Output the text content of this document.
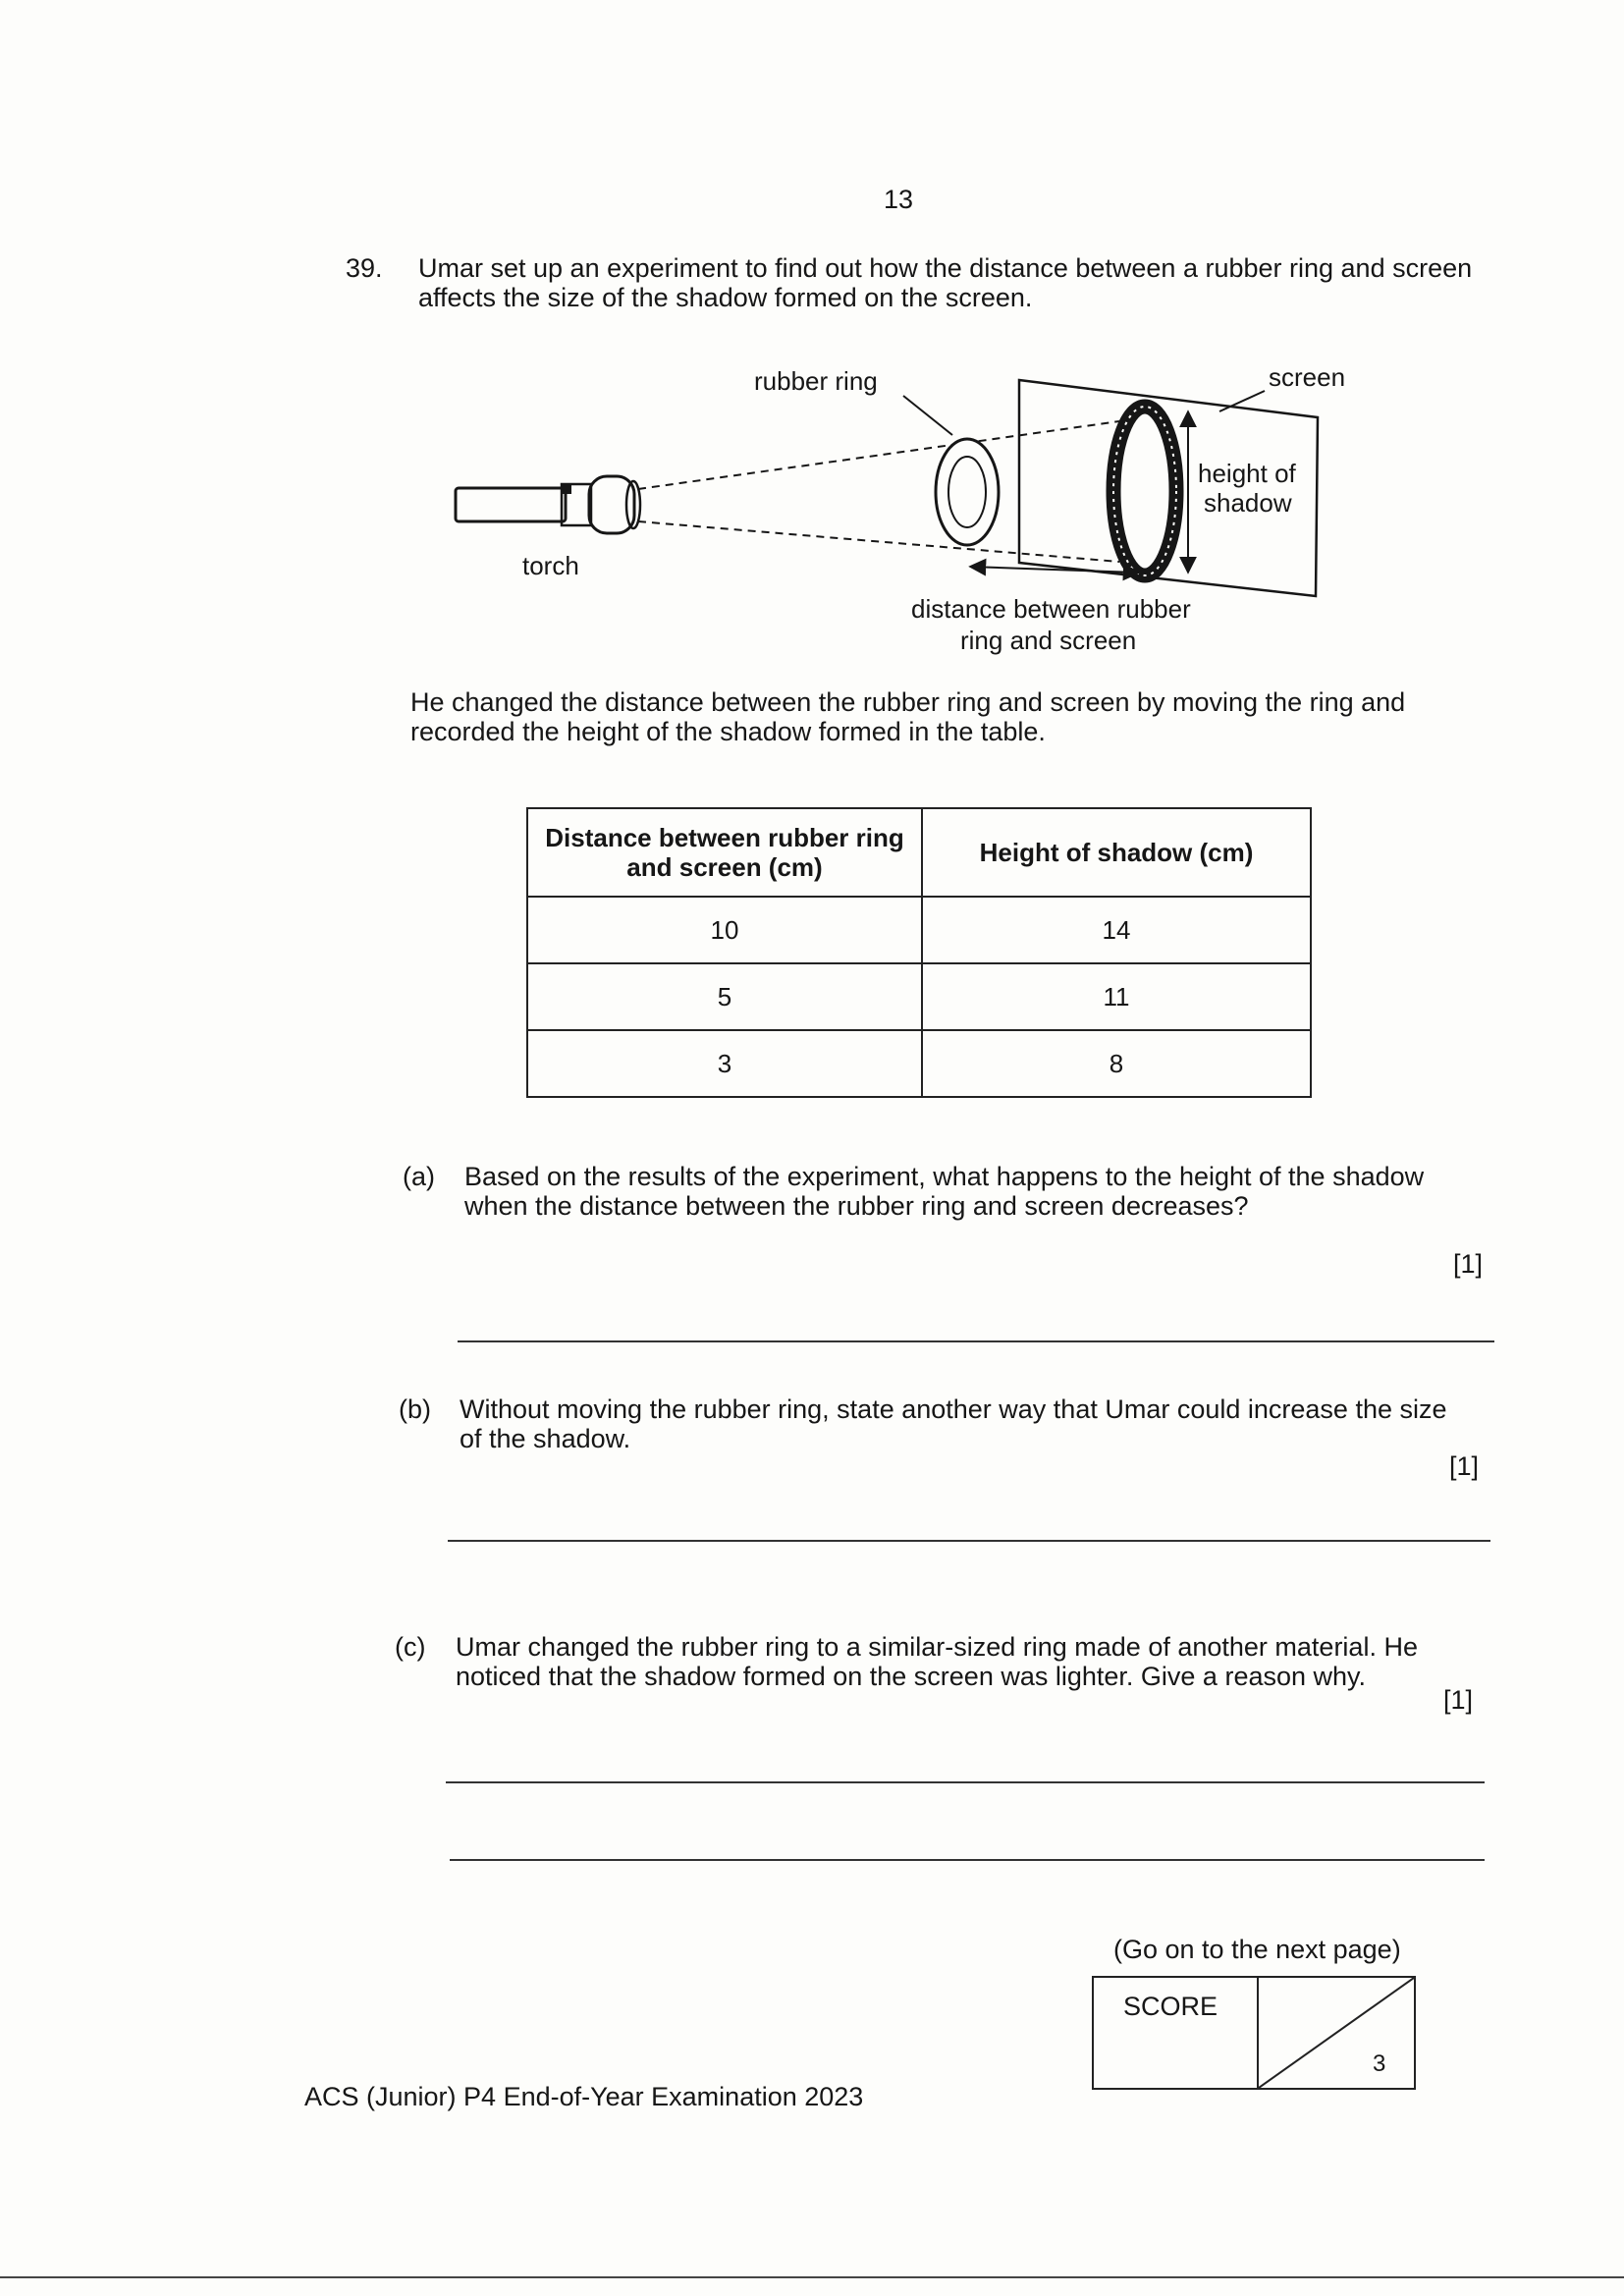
13
39. Umar set up an experiment to find out how the distance between a rubber ring and screen affects the size of the shadow formed on the screen.
rubber ring	screen
height of
shadow
torch
distance between rubber
ring and screen
He changed the distance between the rubber ring and screen by moving the ring and recorded the height of the shadow formed in the table.
Distance between rubber ring and screen (cm)	Height of shadow (cm)
10	14
5	11
3	8
(a) Based on the results of the experiment, what happens to the height of the shadow when the distance between the rubber ring and screen decreases?
[1]
(b) Without moving the rubber ring, state another way that Umar could increase the size of the shadow.
[1]
(c) Umar changed the rubber ring to a similar-sized ring made of another material. He noticed that the shadow formed on the screen was lighter. Give a reason why.
[1]
(Go on to the next page)
SCORE
3
ACS (Junior) P4 End-of-Year Examination 2023
